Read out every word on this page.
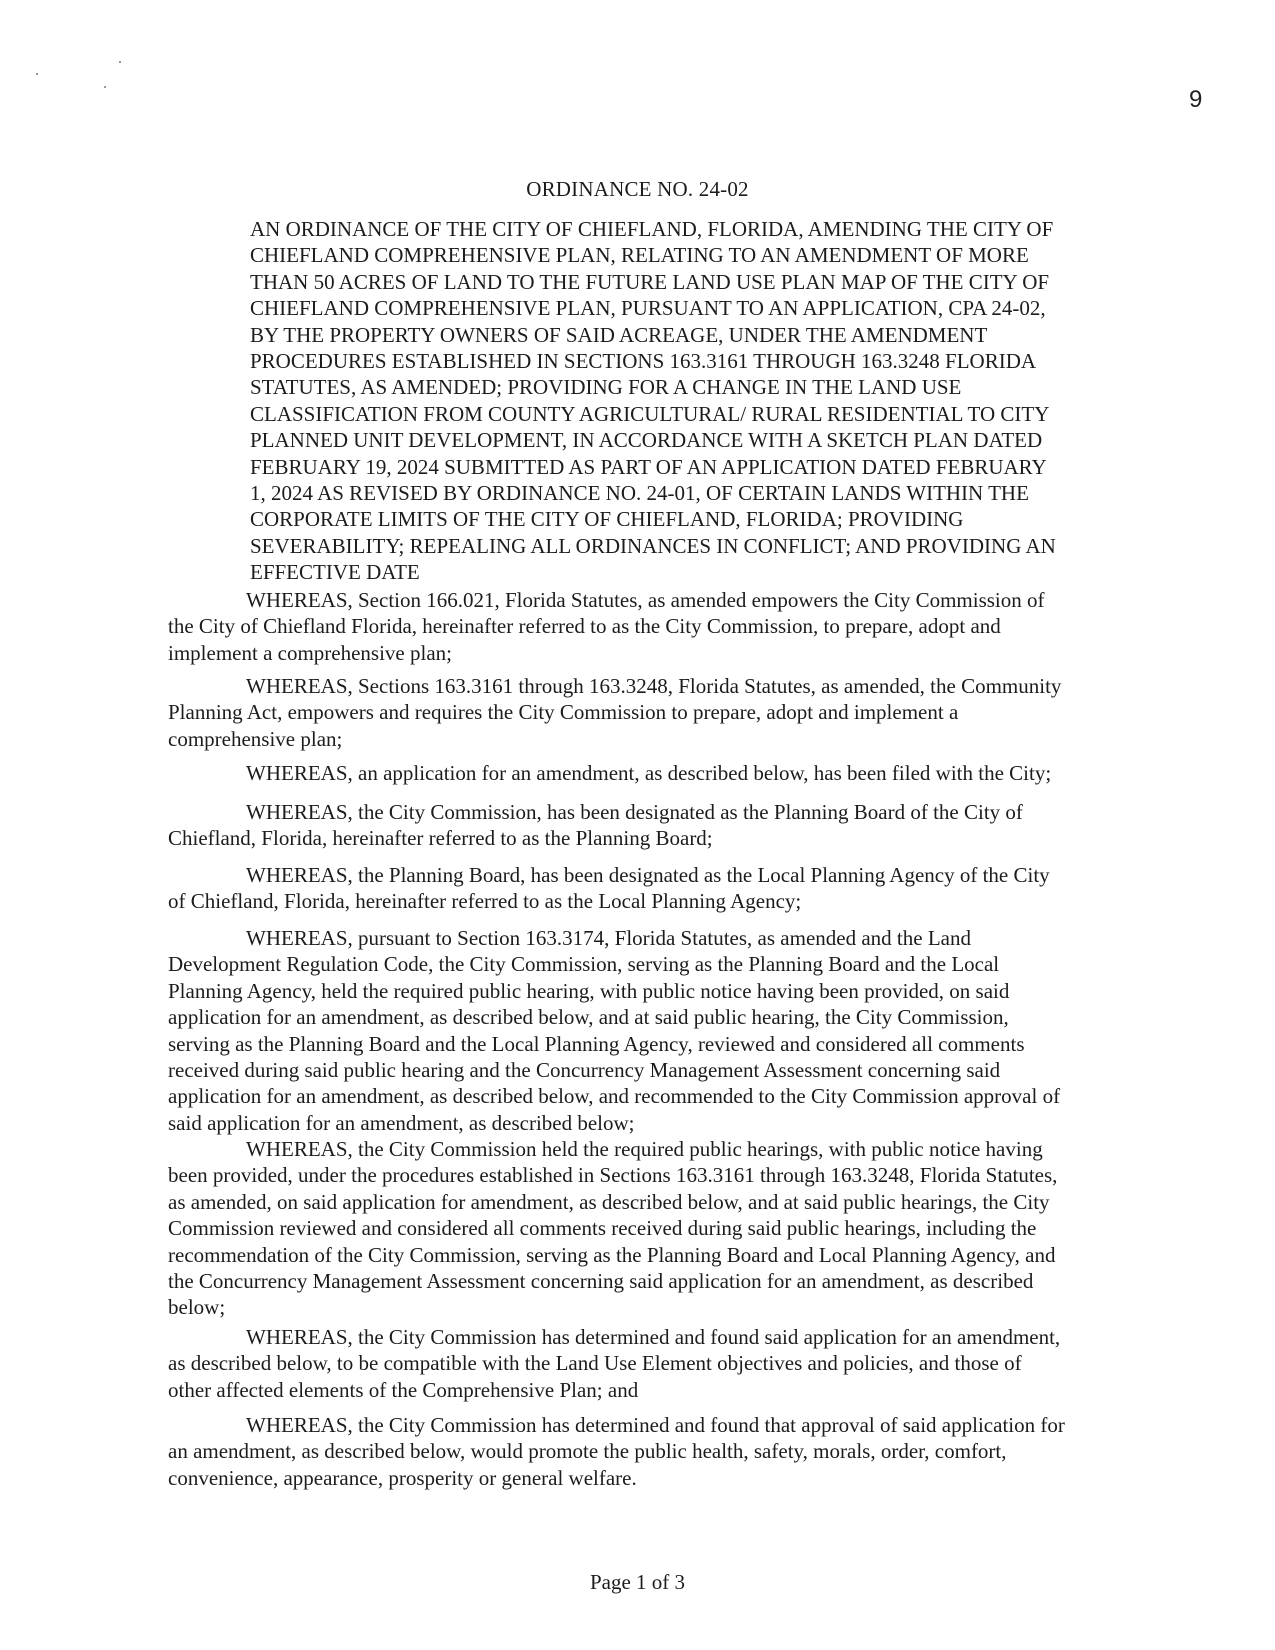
9
ORDINANCE NO. 24-02
AN ORDINANCE OF THE CITY OF CHIEFLAND, FLORIDA, AMENDING THE CITY OF
CHIEFLAND COMPREHENSIVE PLAN, RELATING TO AN AMENDMENT OF MORE
THAN 50 ACRES OF LAND TO THE FUTURE LAND USE PLAN MAP OF THE CITY OF
CHIEFLAND COMPREHENSIVE PLAN, PURSUANT TO AN APPLICATION, CPA 24-02,
BY THE PROPERTY OWNERS OF SAID ACREAGE, UNDER THE AMENDMENT
PROCEDURES ESTABLISHED IN SECTIONS 163.3161 THROUGH 163.3248 FLORIDA
STATUTES, AS AMENDED; PROVIDING FOR A CHANGE IN THE LAND USE
CLASSIFICATION FROM COUNTY AGRICULTURAL/ RURAL RESIDENTIAL TO CITY
PLANNED UNIT DEVELOPMENT, IN ACCORDANCE WITH A SKETCH PLAN DATED
FEBRUARY 19, 2024 SUBMITTED AS PART OF AN APPLICATION DATED FEBRUARY
1, 2024 AS REVISED BY ORDINANCE NO. 24-01, OF CERTAIN LANDS WITHIN THE
CORPORATE LIMITS OF THE CITY OF CHIEFLAND, FLORIDA; PROVIDING
SEVERABILITY; REPEALING ALL ORDINANCES IN CONFLICT; AND PROVIDING AN
EFFECTIVE DATE
WHEREAS, Section 166.021, Florida Statutes, as amended empowers the City Commission of
the City of Chiefland Florida, hereinafter referred to as the City Commission, to prepare, adopt and
implement a comprehensive plan;
WHEREAS, Sections 163.3161 through 163.3248, Florida Statutes, as amended, the Community
Planning Act, empowers and requires the City Commission to prepare, adopt and implement a
comprehensive plan;
WHEREAS, an application for an amendment, as described below, has been filed with the City;
WHEREAS, the City Commission, has been designated as the Planning Board of the City of
Chiefland, Florida, hereinafter referred to as the Planning Board;
WHEREAS, the Planning Board, has been designated as the Local Planning Agency of the City
of Chiefland, Florida, hereinafter referred to as the Local Planning Agency;
WHEREAS, pursuant to Section 163.3174, Florida Statutes, as amended and the Land
Development Regulation Code, the City Commission, serving as the Planning Board and the Local
Planning Agency, held the required public hearing, with public notice having been provided, on said
application for an amendment, as described below, and at said public hearing, the City Commission,
serving as the Planning Board and the Local Planning Agency, reviewed and considered all comments
received during said public hearing and the Concurrency Management Assessment concerning said
application for an amendment, as described below, and recommended to the City Commission approval of
said application for an amendment, as described below;
WHEREAS, the City Commission held the required public hearings, with public notice having
been provided, under the procedures established in Sections 163.3161 through 163.3248, Florida Statutes,
as amended, on said application for amendment, as described below, and at said public hearings, the City
Commission reviewed and considered all comments received during said public hearings, including the
recommendation of the City Commission, serving as the Planning Board and Local Planning Agency, and
the Concurrency Management Assessment concerning said application for an amendment, as described
below;
WHEREAS, the City Commission has determined and found said application for an amendment,
as described below, to be compatible with the Land Use Element objectives and policies, and those of
other affected elements of the Comprehensive Plan; and
WHEREAS, the City Commission has determined and found that approval of said application for
an amendment, as described below, would promote the public health, safety, morals, order, comfort,
convenience, appearance, prosperity or general welfare.
Page 1 of 3
